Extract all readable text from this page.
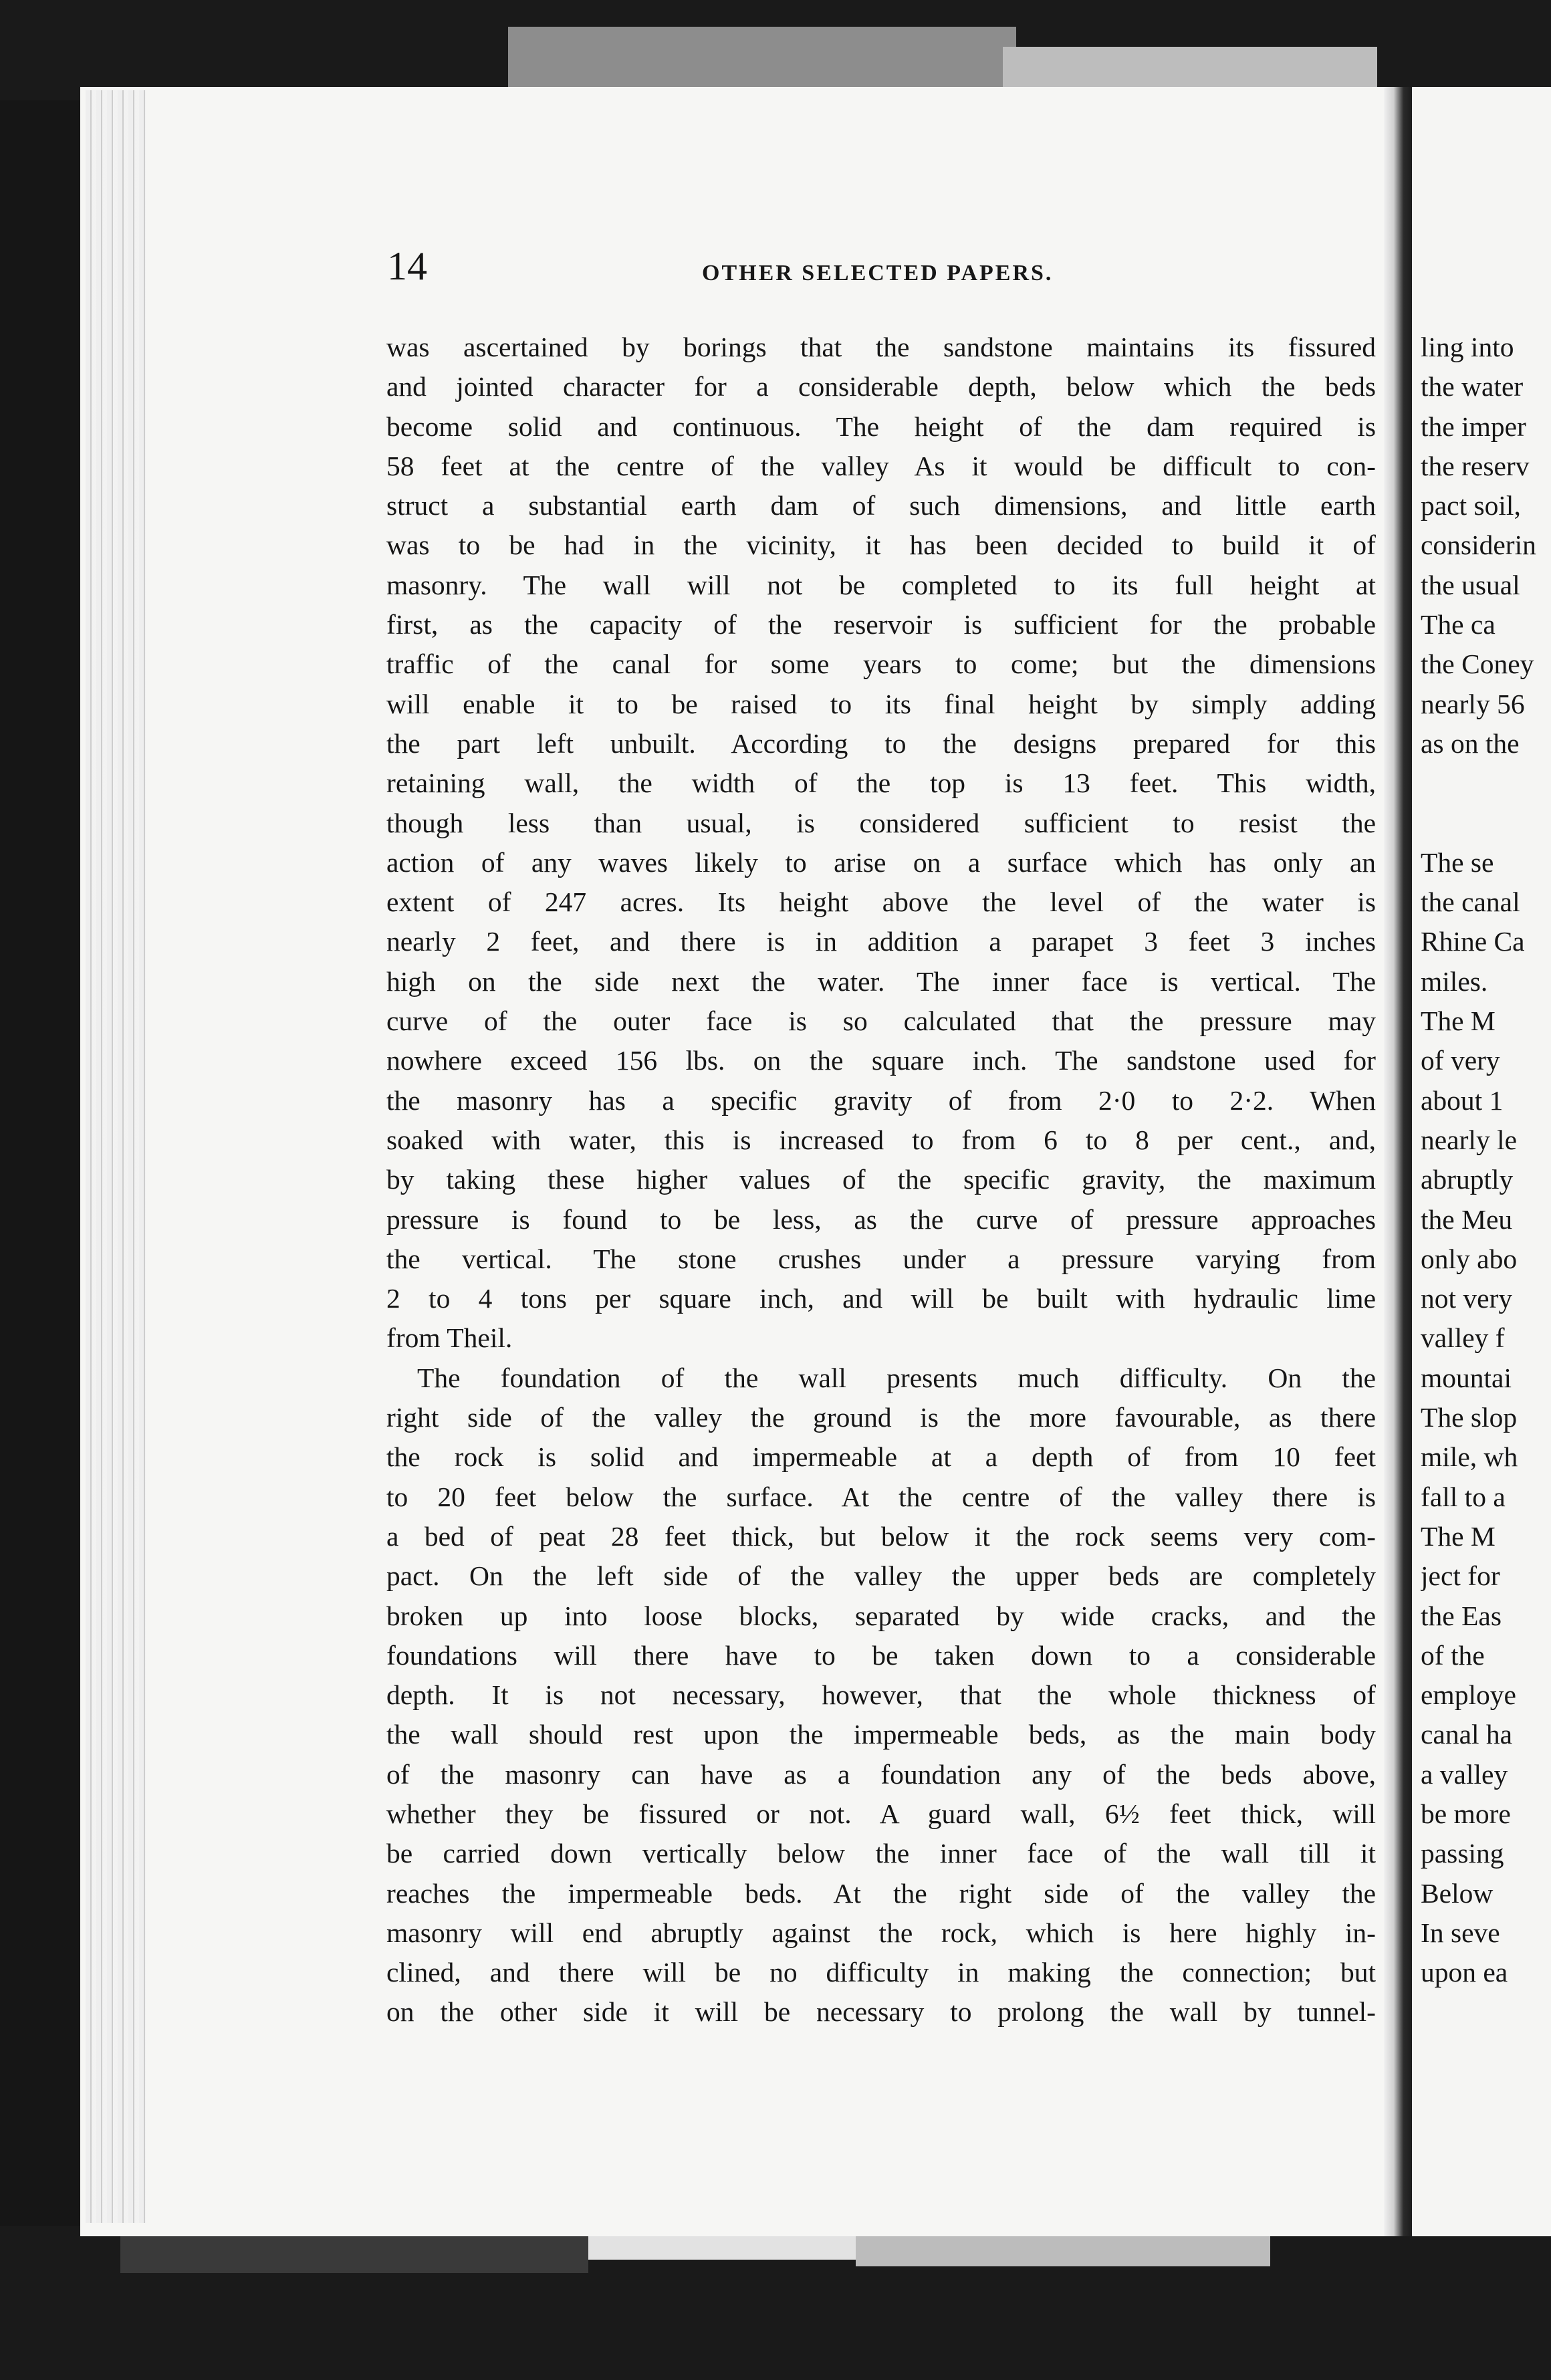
14	OTHER SELECTED PAPERS.
was ascertained by borings that the sandstone maintains its fissured
and jointed character for a considerable depth, below which the beds
become solid and continuous. The height of the dam required is
58 feet at the centre of the valley As it would be difficult to con-
struct a substantial earth dam of such dimensions, and little earth
was to be had in the vicinity, it has been decided to build it of
masonry. The wall will not be completed to its full height at
first, as the capacity of the reservoir is sufficient for the probable
traffic of the canal for some years to come; but the dimensions
will enable it to be raised to its final height by simply adding
the part left unbuilt. According to the designs prepared for this
retaining wall, the width of the top is 13 feet. This width,
though less than usual, is considered sufficient to resist the
action of any waves likely to arise on a surface which has only an
extent of 247 acres. Its height above the level of the water is
nearly 2 feet, and there is in addition a parapet 3 feet 3 inches
high on the side next the water. The inner face is vertical. The
curve of the outer face is so calculated that the pressure may
nowhere exceed 156 lbs. on the square inch. The sandstone used for
the masonry has a specific gravity of from 2·0 to 2·2. When
soaked with water, this is increased to from 6 to 8 per cent., and,
by taking these higher values of the specific gravity, the maximum
pressure is found to be less, as the curve of pressure approaches
the vertical. The stone crushes under a pressure varying from
2 to 4 tons per square inch, and will be built with hydraulic lime
from Theil.
The foundation of the wall presents much difficulty. On the
right side of the valley the ground is the more favourable, as there
the rock is solid and impermeable at a depth of from 10 feet
to 20 feet below the surface. At the centre of the valley there is
a bed of peat 28 feet thick, but below it the rock seems very com-
pact. On the left side of the valley the upper beds are completely
broken up into loose blocks, separated by wide cracks, and the
foundations will there have to be taken down to a considerable
depth. It is not necessary, however, that the whole thickness of
the wall should rest upon the impermeable beds, as the main body
of the masonry can have as a foundation any of the beds above,
whether they be fissured or not. A guard wall, 6½ feet thick, will
be carried down vertically below the inner face of the wall till it
reaches the impermeable beds. At the right side of the valley the
masonry will end abruptly against the rock, which is here highly in-
clined, and there will be no difficulty in making the connection; but
on the other side it will be necessary to prolong the wall by tunnel-
ling into
the water
the imper
the reserv
pact soil,
considerin
the usual
The ca
the Coney
nearly 56
as on the
The se
the canal
Rhine Ca
miles.
The M
of very
about 1
nearly le
abruptly
the Meu
only abo
not very
valley f
mountai
The slop
mile, wh
fall to a
The M
ject for
the Eas
of the
employe
canal ha
a valley
be more
passing
Below
In seve
upon ea
